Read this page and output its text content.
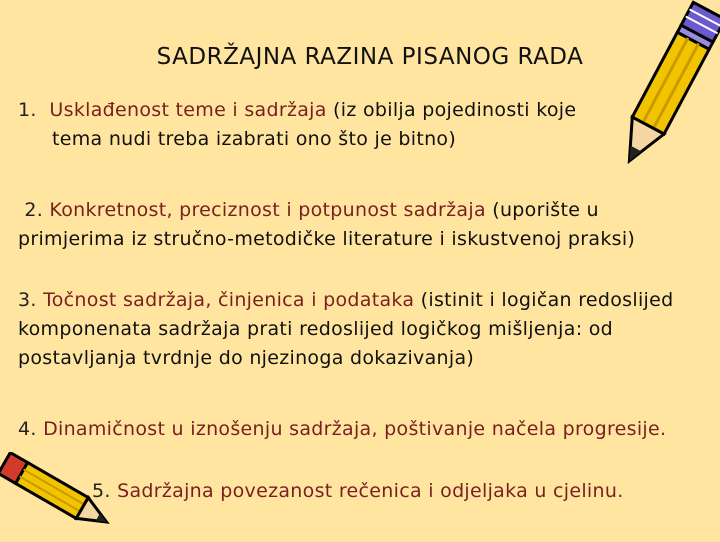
SADRŽAJNA RAZINA PISANOG RADA
1. Usklađenost teme i sadržaja (iz obilja pojedinosti koje
tema nudi treba izabrati ono što je bitno)
2. Konkretnost, preciznost i potpunost sadržaja (uporište u primjerima iz stručno-metodičke literature i iskustvenoj praksi)
3. Točnost sadržaja, činjenica i podataka (istinit i logičan redoslijed komponenata sadržaja prati redoslijed logičkog mišljenja: od postavljanja tvrdnje do njezinoga dokazivanja)
4. Dinamičnost u iznošenju sadržaja, poštivanje načela progresije.
5. Sadržajna povezanost rečenica i odjeljaka u cjelinu.
